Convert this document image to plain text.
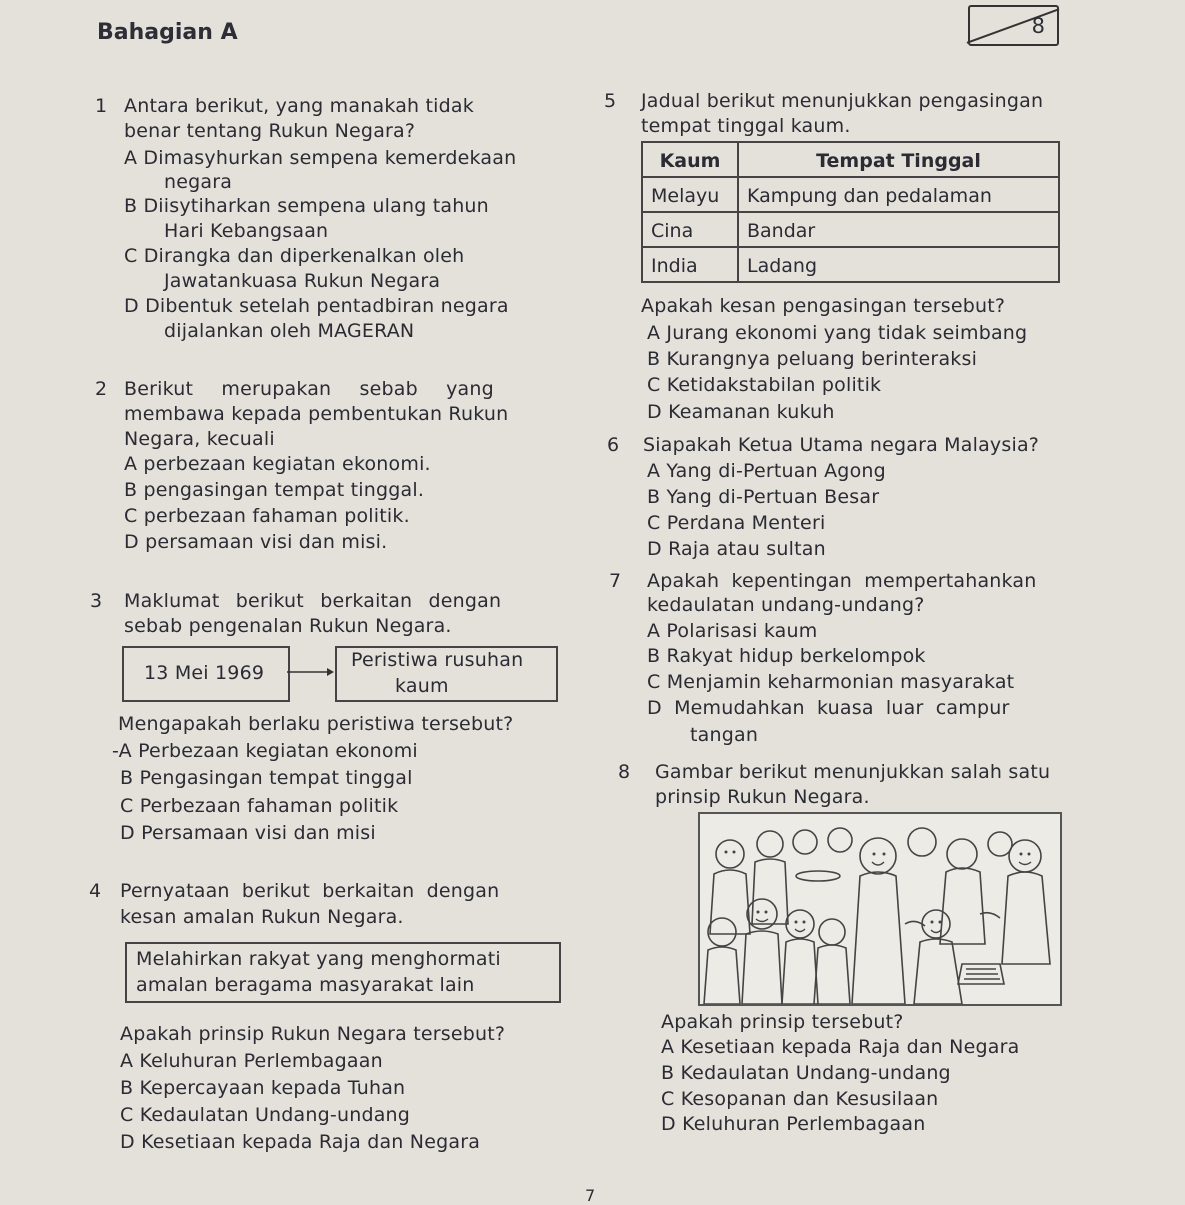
Bahagian A	8
1 Antara berikut, yang manakah tidak
benar tentang Rukun Negara?
A Dimasyhurkan sempena kemerdekaan
negara
B Diisytiharkan sempena ulang tahun
Hari Kebangsaan
C Dirangka dan diperkenalkan oleh
Jawatankuasa Rukun Negara
D Dibentuk setelah pentadbiran negara
dijalankan oleh MAGERAN
2 Berikut merupakan sebab yang
membawa kepada pembentukan Rukun
Negara, kecuali
A perbezaan kegiatan ekonomi.
B pengasingan tempat tinggal.
C perbezaan fahaman politik.
D persamaan visi dan misi.
3 Maklumat berikut berkaitan dengan
sebab pengenalan Rukun Negara.
13 Mei 1969
Peristiwa rusuhan
kaum
Mengapakah berlaku peristiwa tersebut?
-A Perbezaan kegiatan ekonomi
B Pengasingan tempat tinggal
C Perbezaan fahaman politik
D Persamaan visi dan misi
4 Pernyataan berikut berkaitan dengan
kesan amalan Rukun Negara.
Melahirkan rakyat yang menghormati
amalan beragama masyarakat lain
Apakah prinsip Rukun Negara tersebut?
A Keluhuran Perlembagaan
B Kepercayaan kepada Tuhan
C Kedaulatan Undang-undang
D Kesetiaan kepada Raja dan Negara
5 Jadual berikut menunjukkan pengasingan
tempat tinggal kaum.
Kaum	Tempat Tinggal
Melayu	Kampung dan pedalaman
Cina	Bandar
India	Ladang
Apakah kesan pengasingan tersebut?
A Jurang ekonomi yang tidak seimbang
B Kurangnya peluang berinteraksi
C Ketidakstabilan politik
D Keamanan kukuh
6 Siapakah Ketua Utama negara Malaysia?
A Yang di-Pertuan Agong
B Yang di-Pertuan Besar
C Perdana Menteri
D Raja atau sultan
7 Apakah kepentingan mempertahankan
kedaulatan undang-undang?
A Polarisasi kaum
B Rakyat hidup berkelompok
C Menjamin keharmonian masyarakat
D Memudahkan kuasa luar campur
tangan
8 Gambar berikut menunjukkan salah satu
prinsip Rukun Negara.
Apakah prinsip tersebut?
A Kesetiaan kepada Raja dan Negara
B Kedaulatan Undang-undang
C Kesopanan dan Kesusilaan
D Keluhuran Perlembagaan
7
